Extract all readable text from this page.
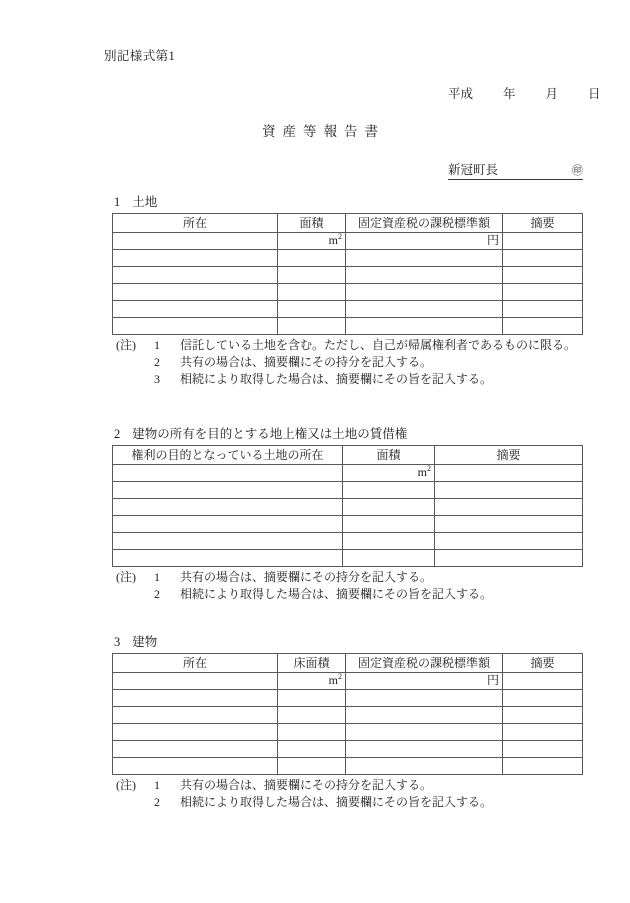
別記様式第1
平成 年 月 日
資産等報告書
新冠町長	㊞
1 土地
所在	面積	固定資産税の課税標準額	摘要
	$m^2$	円	

(注)	1	信託している土地を含む。ただし、自己が帰属権利者であるものに限る。
2	共有の場合は、摘要欄にその持分を記入する。
3	相続により取得した場合は、摘要欄にその旨を記入する。
2 建物の所有を目的とする地上権又は土地の賃借権
権利の目的となっている土地の所在	面積	摘要
	$m^2$	

(注)	1	共有の場合は、摘要欄にその持分を記入する。
2	相続により取得した場合は、摘要欄にその旨を記入する。
3 建物
所在	床面積	固定資産税の課税標準額	摘要
	$m^2$	円	

(注)	1	共有の場合は、摘要欄にその持分を記入する。
2	相続により取得した場合は、摘要欄にその旨を記入する。
